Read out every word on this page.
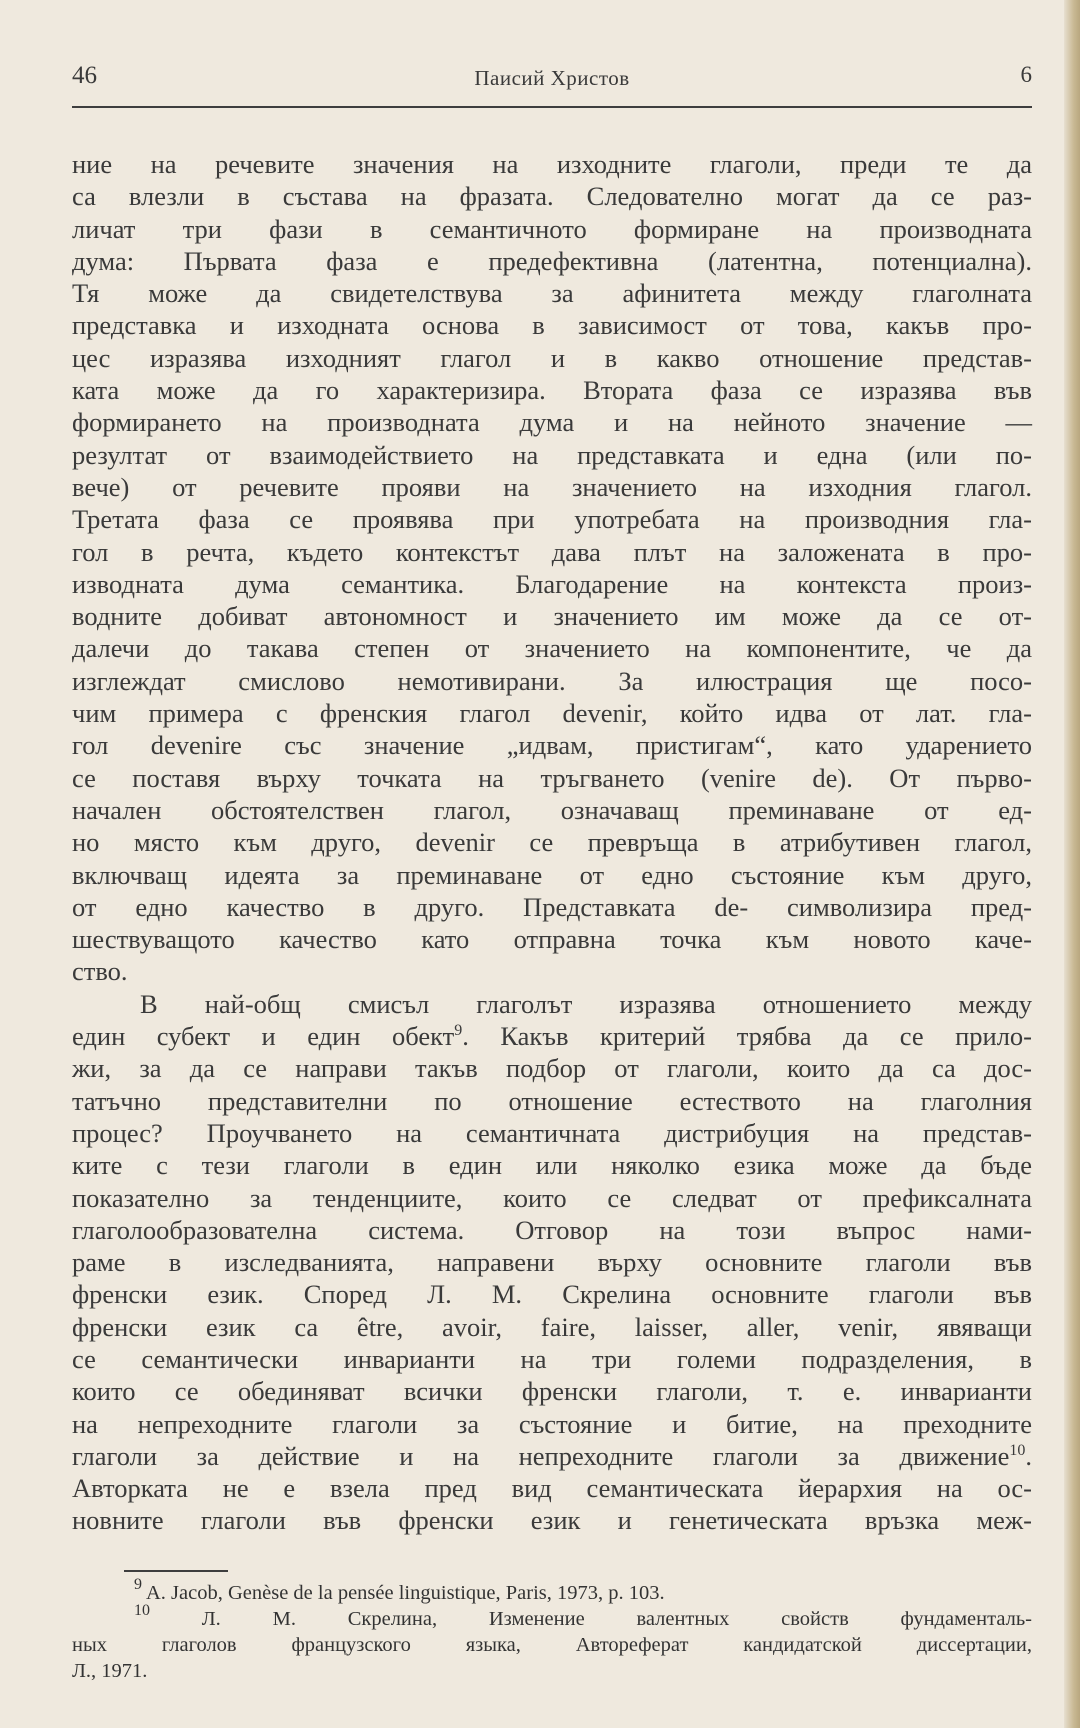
46	Паисий Христов	6
ние на речевите значения на изходните глаголи, преди те да
са влезли в състава на фразата. Следователно могат да се раз-
личат три фази в семантичното формиране на производната
дума: Първата фаза е предефективна (латентна, потенциална).
Тя може да свидетелствува за афинитета между глаголната
представка и изходната основа в зависимост от това, какъв про-
цес изразява изходният глагол и в какво отношение представ-
ката може да го характеризира. Втората фаза се изразява във
формирането на производната дума и на нейното значение —
резултат от взаимодействието на представката и една (или по-
вече) от речевите прояви на значението на изходния глагол.
Третата фаза се проявява при употребата на производния гла-
гол в речта, където контекстът дава плът на заложената в про-
изводната дума семантика. Благодарение на контекста произ-
водните добиват автономност и значението им може да се от-
далечи до такава степен от значението на компонентите, че да
изглеждат смислово немотивирани. За илюстрация ще посо-
чим примера с френския глагол devenir, който идва от лат. гла-
гол devenire със значение „идвам, пристигам“, като ударението
се поставя върху точката на тръгването (venire de). От първо-
начален обстоятелствен глагол, означаващ преминаване от ед-
но място към друго, devenir се превръща в атрибутивен глагол,
включващ идеята за преминаване от едно състояние към друго,
от едно качество в друго. Представката de- символизира пред-
шествуващото качество като отправна точка към новото каче-
ство.
В най-общ смисъл глаголът изразява отношението между
един субект и един обект$^9$. Какъв критерий трябва да се прило-
жи, за да се направи такъв подбор от глаголи, които да са дос-
татъчно представителни по отношение естеството на глаголния
процес? Проучването на семантичната дистрибуция на представ-
ките с тези глаголи в един или няколко езика може да бъде
показателно за тенденциите, които се следват от префиксалната
глаголообразователна система. Отговор на този въпрос нами-
раме в изследванията, направени върху основните глаголи във
френски език. Според Л. М. Скрелина основните глаголи във
френски език са être, avoir, faire, laisser, aller, venir, явяващи
се семантически инварианти на три големи подразделения, в
които се обединяват всички френски глаголи, т. е. инварианти
на непреходните глаголи за състояние и битие, на преходните
глаголи за действие и на непреходните глаголи за движение$^{10}$.
Авторката не е взела пред вид семантическата йерархия на ос-
новните глаголи във френски език и генетическата връзка меж-
$^9$ A. Jacob, Genèse de la pensée linguistique, Paris, 1973, p. 103.
$^{10}$	Л. М. Скрелина, Изменение валентных свойств фундаменталь-
ных глаголов французского языка, Автореферат кандидатской диссертации,
Л., 1971.
